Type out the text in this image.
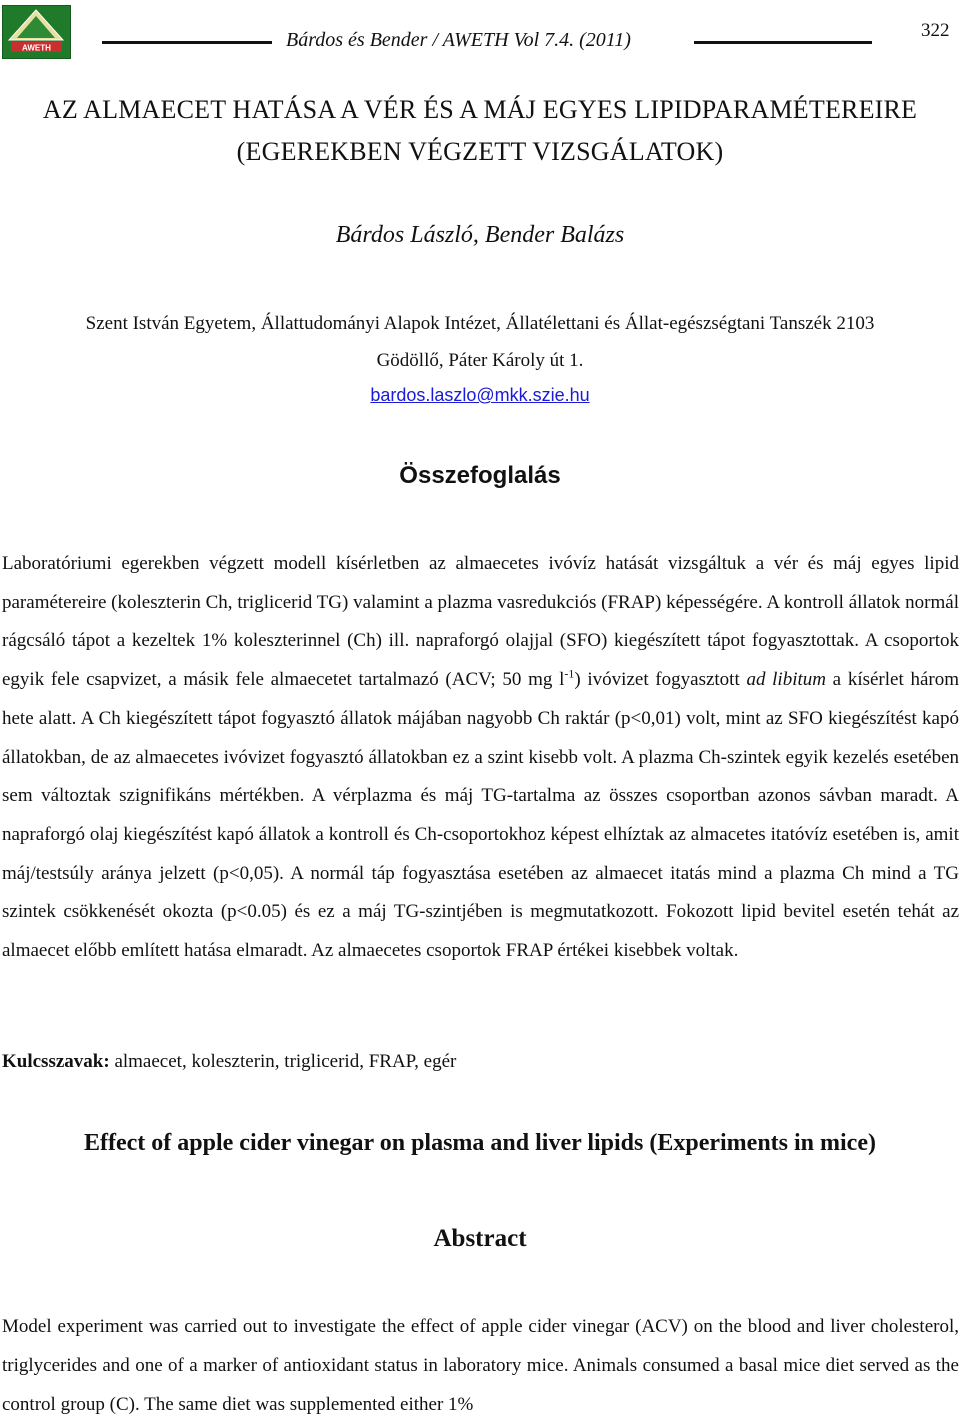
AWETH	Bárdos és Bender / AWETH Vol 7.4. (2011)	322
AZ ALMAECET HATÁSA A VÉR ÉS A MÁJ EGYES LIPIDPARAMÉTEREIRE
(EGEREKBEN VÉGZETT VIZSGÁLATOK)
Bárdos László, Bender Balázs
Szent István Egyetem, Állattudományi Alapok Intézet, Állatélettani és Állat-egészségtani Tanszék 2103
Gödöllő, Páter Károly út 1.
bardos.laszlo@mkk.szie.hu
Összefoglalás

Laboratóriumi egerekben végzett modell kísérletben az almaecetes ivóvíz hatását vizsgáltuk a vér és máj egyes lipid paramétereire (koleszterin Ch, triglicerid TG) valamint a plazma vasredukciós (FRAP) képességére. A kontroll állatok normál rágcsáló tápot a kezeltek 1% koleszterinnel (Ch) ill. napraforgó olajjal (SFO) kiegészített tápot fogyasztottak. A csoportok egyik fele csapvizet, a másik fele almaecetet tartalmazó (ACV; 50 mg $l^{-1}$) ivóvizet fogyasztott ad libitum a kísérlet három hete alatt. A Ch kiegészített tápot fogyasztó állatok májában nagyobb Ch raktár (p<0,01) volt, mint az SFO kiegészítést kapó állatokban, de az almaecetes ivóvizet fogyasztó állatokban ez a szint kisebb volt. A plazma Ch-szintek egyik kezelés esetében sem változtak szignifikáns mértékben. A vérplazma és máj TG-tartalma az összes csoportban azonos sávban maradt. A napraforgó olaj kiegészítést kapó állatok a kontroll és Ch-csoportokhoz képest elhíztak az almacetes itatóvíz esetében is, amit máj/testsúly aránya jelzett (p<0,05). A normál táp fogyasztása esetében az almaecet itatás mind a plazma Ch mind a TG szintek csökkenését okozta (p<0.05) és ez a máj TG-szintjében is megmutatkozott. Fokozott lipid bevitel esetén tehát az almaecet előbb említett hatása elmaradt. Az almaecetes csoportok FRAP értékei kisebbek voltak.

Kulcsszavak: almaecet, koleszterin, triglicerid, FRAP, egér
Effect of apple cider vinegar on plasma and liver lipids (Experiments in mice)
Abstract

Model experiment was carried out to investigate the effect of apple cider vinegar (ACV) on the blood and liver cholesterol, triglycerides and one of a marker of antioxidant status in laboratory mice. Animals consumed a basal mice diet served as the control group (C). The same diet was supplemented either 1%
